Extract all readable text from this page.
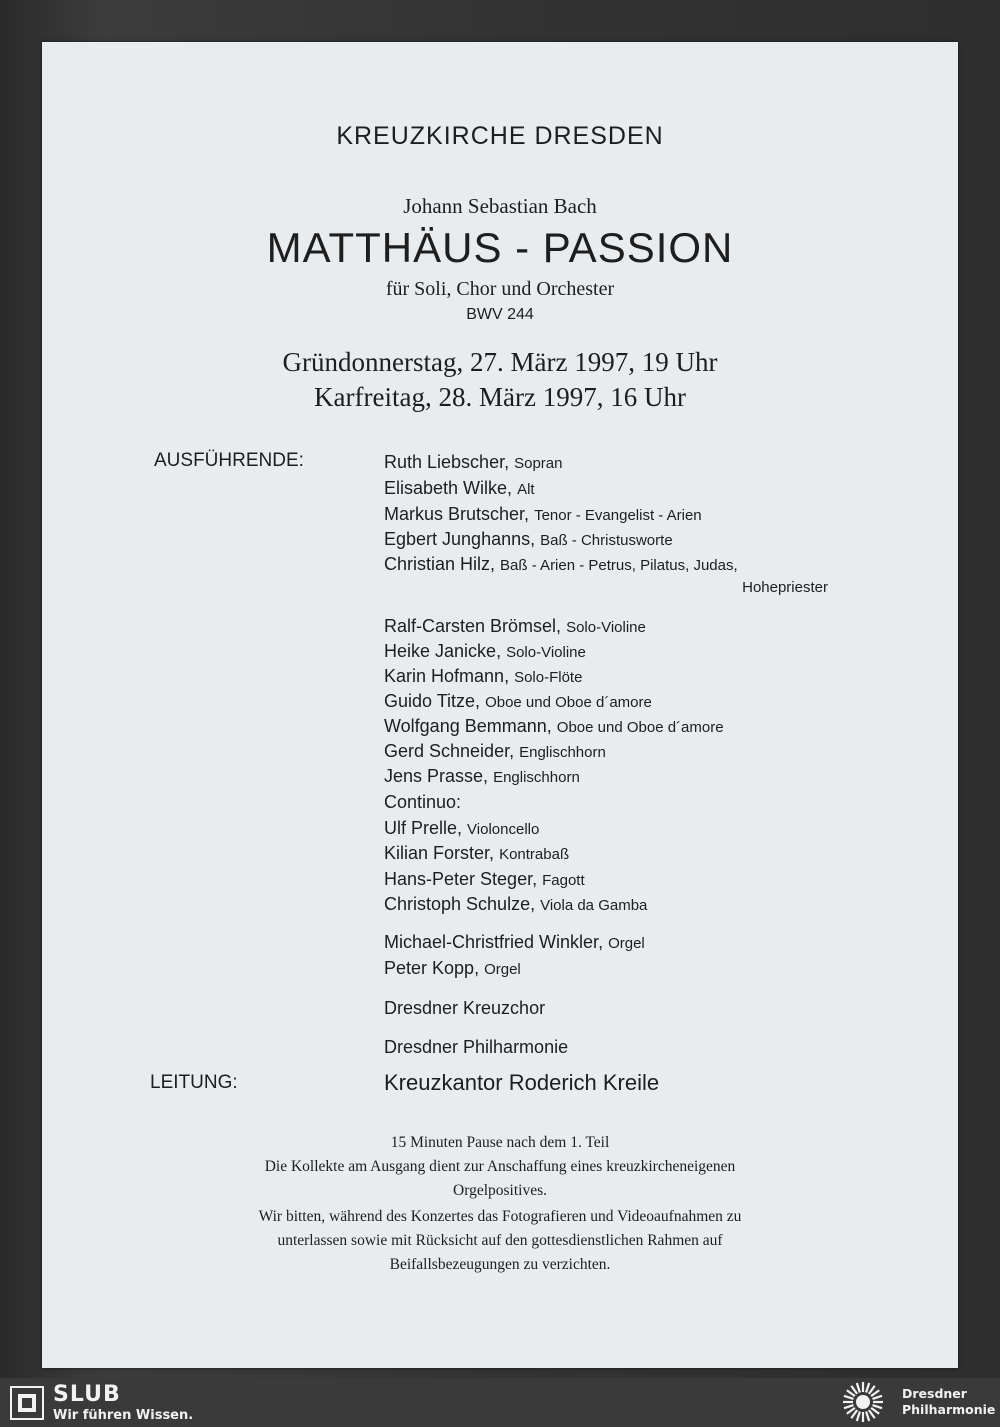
KREUZKIRCHE DRESDEN
Johann Sebastian Bach
MATTHÄUS - PASSION
für Soli, Chor und Orchester
BWV 244
Gründonnerstag, 27. März 1997, 19 Uhr
Karfreitag, 28. März 1997, 16 Uhr
AUSFÜHRENDE:	Ruth Liebscher, Sopran
Elisabeth Wilke, Alt
Markus Brutscher, Tenor - Evangelist - Arien
Egbert Junghanns, Baß - Christusworte
Christian Hilz, Baß - Arien - Petrus, Pilatus, Judas,
Ralf-Carsten Brömsel, Solo-Violine
Heike Janicke, Solo-Violine
Karin Hofmann, Solo-Flöte
Guido Titze, Oboe und Oboe d´amore
Wolfgang Bemmann, Oboe und Oboe d´amore
Gerd Schneider, Englischhorn
Jens Prasse, Englischhorn
Continuo:
Ulf Prelle, Violoncello
Kilian Forster, Kontrabaß
Hans-Peter Steger, Fagott
Christoph Schulze, Viola da Gamba
Michael-Christfried Winkler, Orgel
Peter Kopp, Orgel
Dresdner Kreuzchor
Dresdner Philharmonie
Hohepriester
LEITUNG:	Kreuzkantor Roderich Kreile
15 Minuten Pause nach dem 1. Teil
Die Kollekte am Ausgang dient zur Anschaffung eines kreuzkircheneigenen
Orgelpositives.
Wir bitten, während des Konzertes das Fotografieren und Videoaufnahmen zu
unterlassen sowie mit Rücksicht auf den gottesdienstlichen Rahmen auf
Beifallsbezeugungen zu verzichten.
SLUB
Wir führen Wissen.
Dresdner
Philharmonie
